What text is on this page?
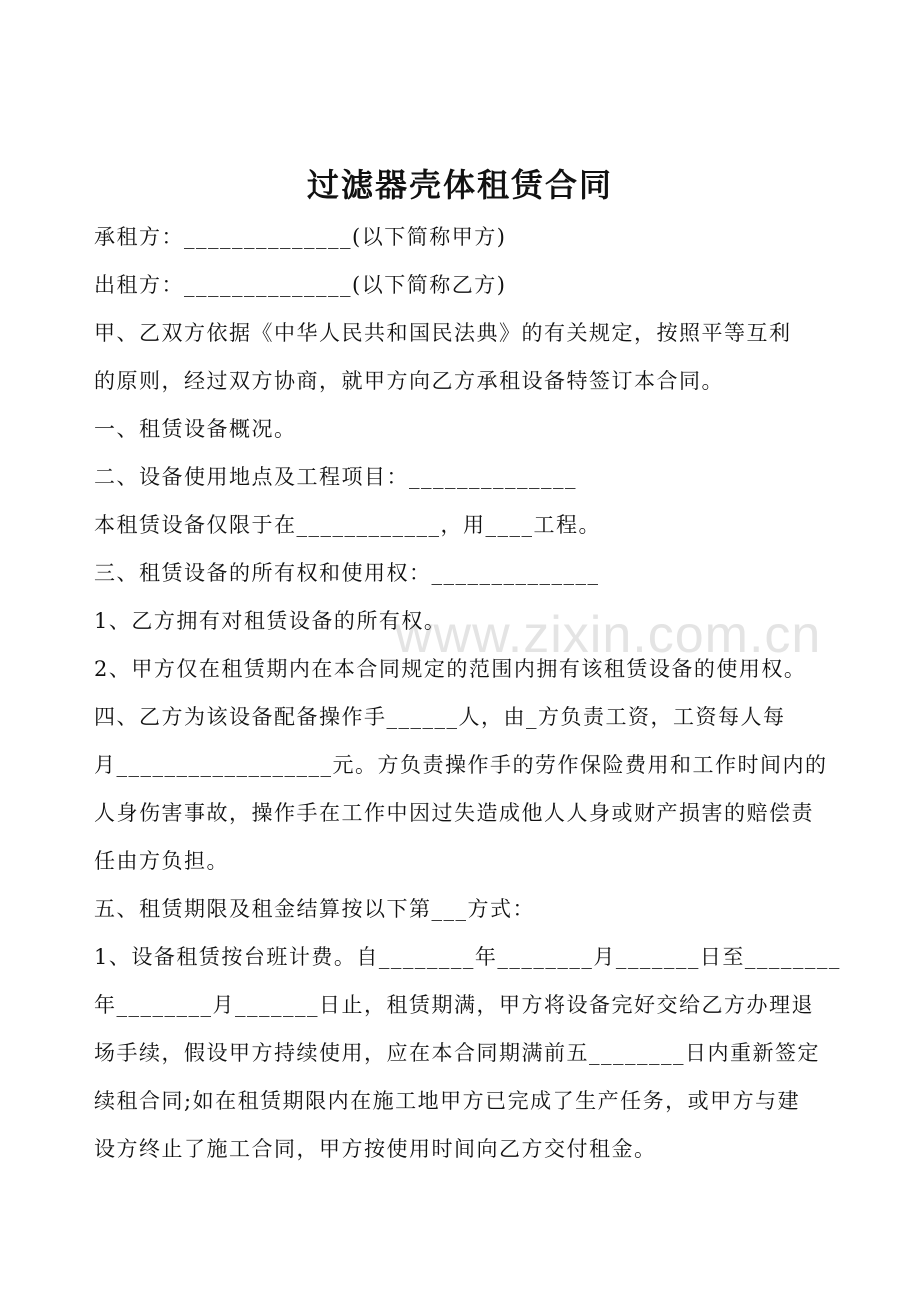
www.zixin.com.cn
过滤器壳体租赁合同
承租方：______________(以下简称甲方)
出租方：______________(以下简称乙方)
甲、乙双方依据《中华人民共和国民法典》的有关规定，按照平等互利
的原则，经过双方协商，就甲方向乙方承租设备特签订本合同。
一、租赁设备概况。
二、设备使用地点及工程项目：______________
本租赁设备仅限于在____________，用____工程。
三、租赁设备的所有权和使用权：______________
1、乙方拥有对租赁设备的所有权。
2、甲方仅在租赁期内在本合同规定的范围内拥有该租赁设备的使用权。
四、乙方为该设备配备操作手______人，由_方负责工资，工资每人每
月__________________元。方负责操作手的劳作保险费用和工作时间内的
人身伤害事故，操作手在工作中因过失造成他人人身或财产损害的赔偿责
任由方负担。
五、租赁期限及租金结算按以下第___方式：
1、设备租赁按台班计费。自________年________月_______日至________
年________月_______日止，租赁期满，甲方将设备完好交给乙方办理退
场手续，假设甲方持续使用，应在本合同期满前五________日内重新签定
续租合同;如在租赁期限内在施工地甲方已完成了生产任务，或甲方与建
设方终止了施工合同，甲方按使用时间向乙方交付租金。
